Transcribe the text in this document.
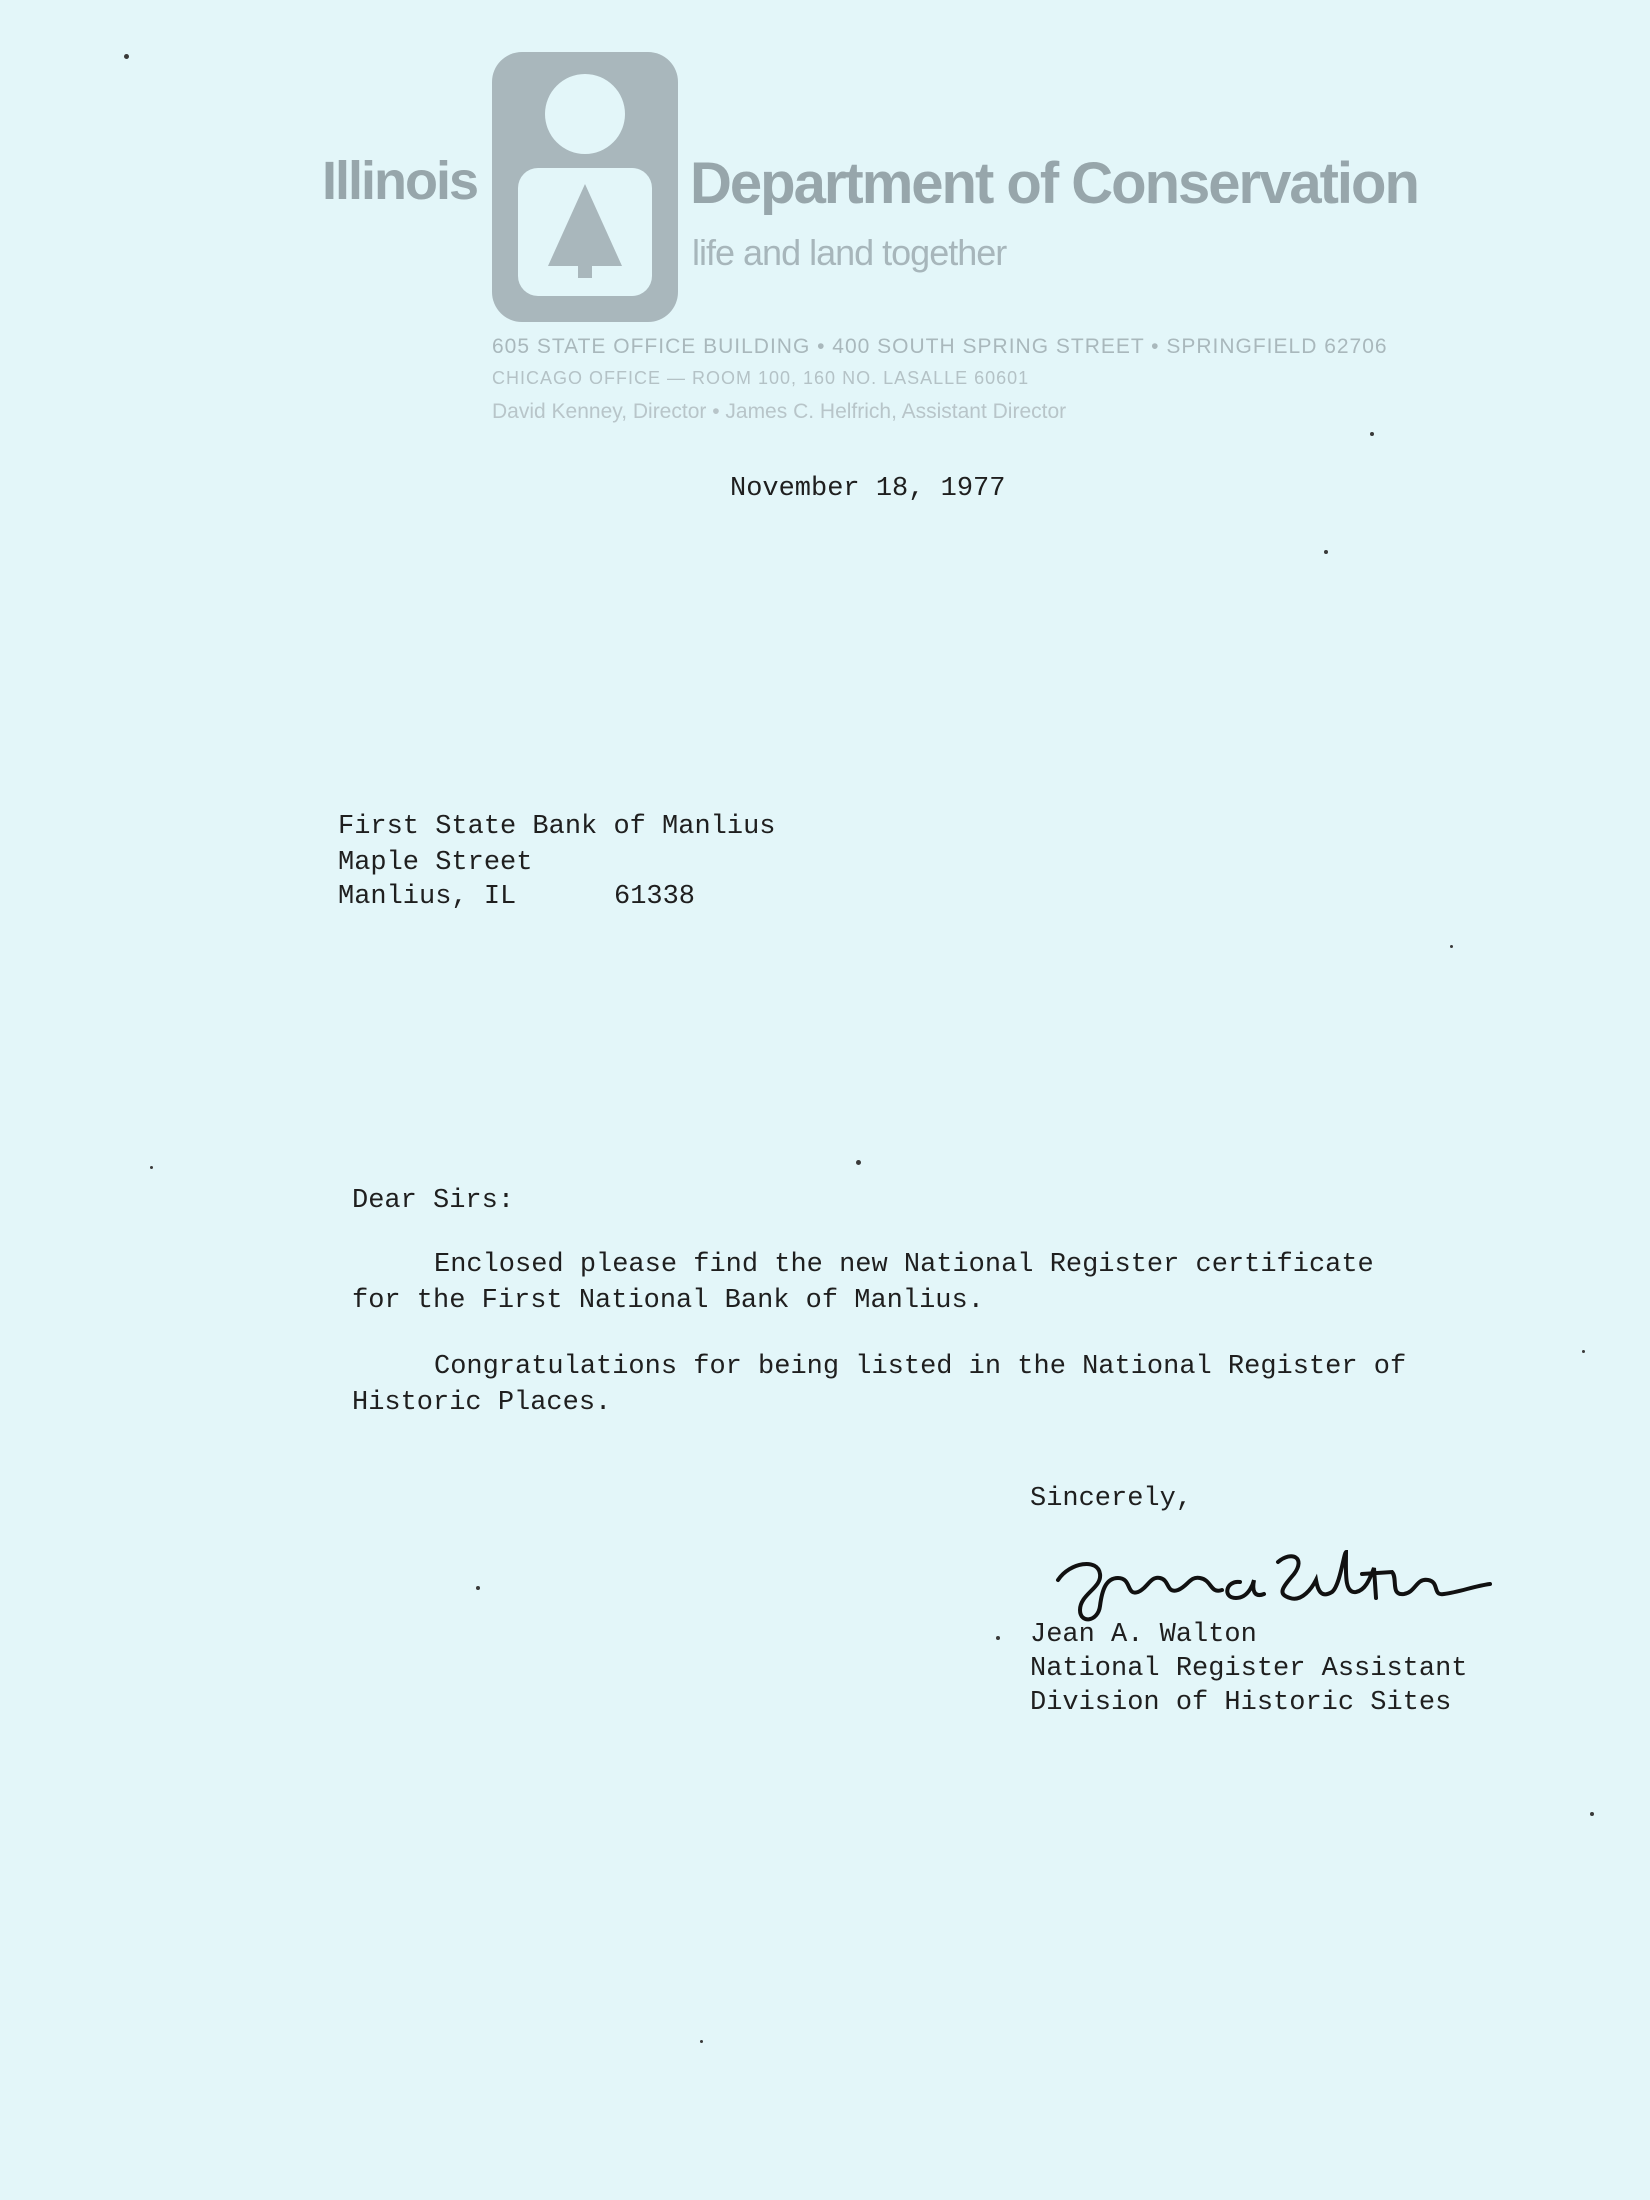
Illinois	Department of Conservation
life and land together
605 STATE OFFICE BUILDING • 400 SOUTH SPRING STREET • SPRINGFIELD 62706
CHICAGO OFFICE — ROOM 100, 160 NO. LASALLE 60601
David Kenney, Director • James C. Helfrich, Assistant Director
November 18, 1977
First State Bank of Manlius
Maple Street
Manlius, IL	61338
Dear Sirs:
Enclosed please find the new National Register certificate
for the First National Bank of Manlius.
Congratulations for being listed in the National Register of
Historic Places.
Sincerely,
Jean A. Walton
National Register Assistant
Division of Historic Sites
